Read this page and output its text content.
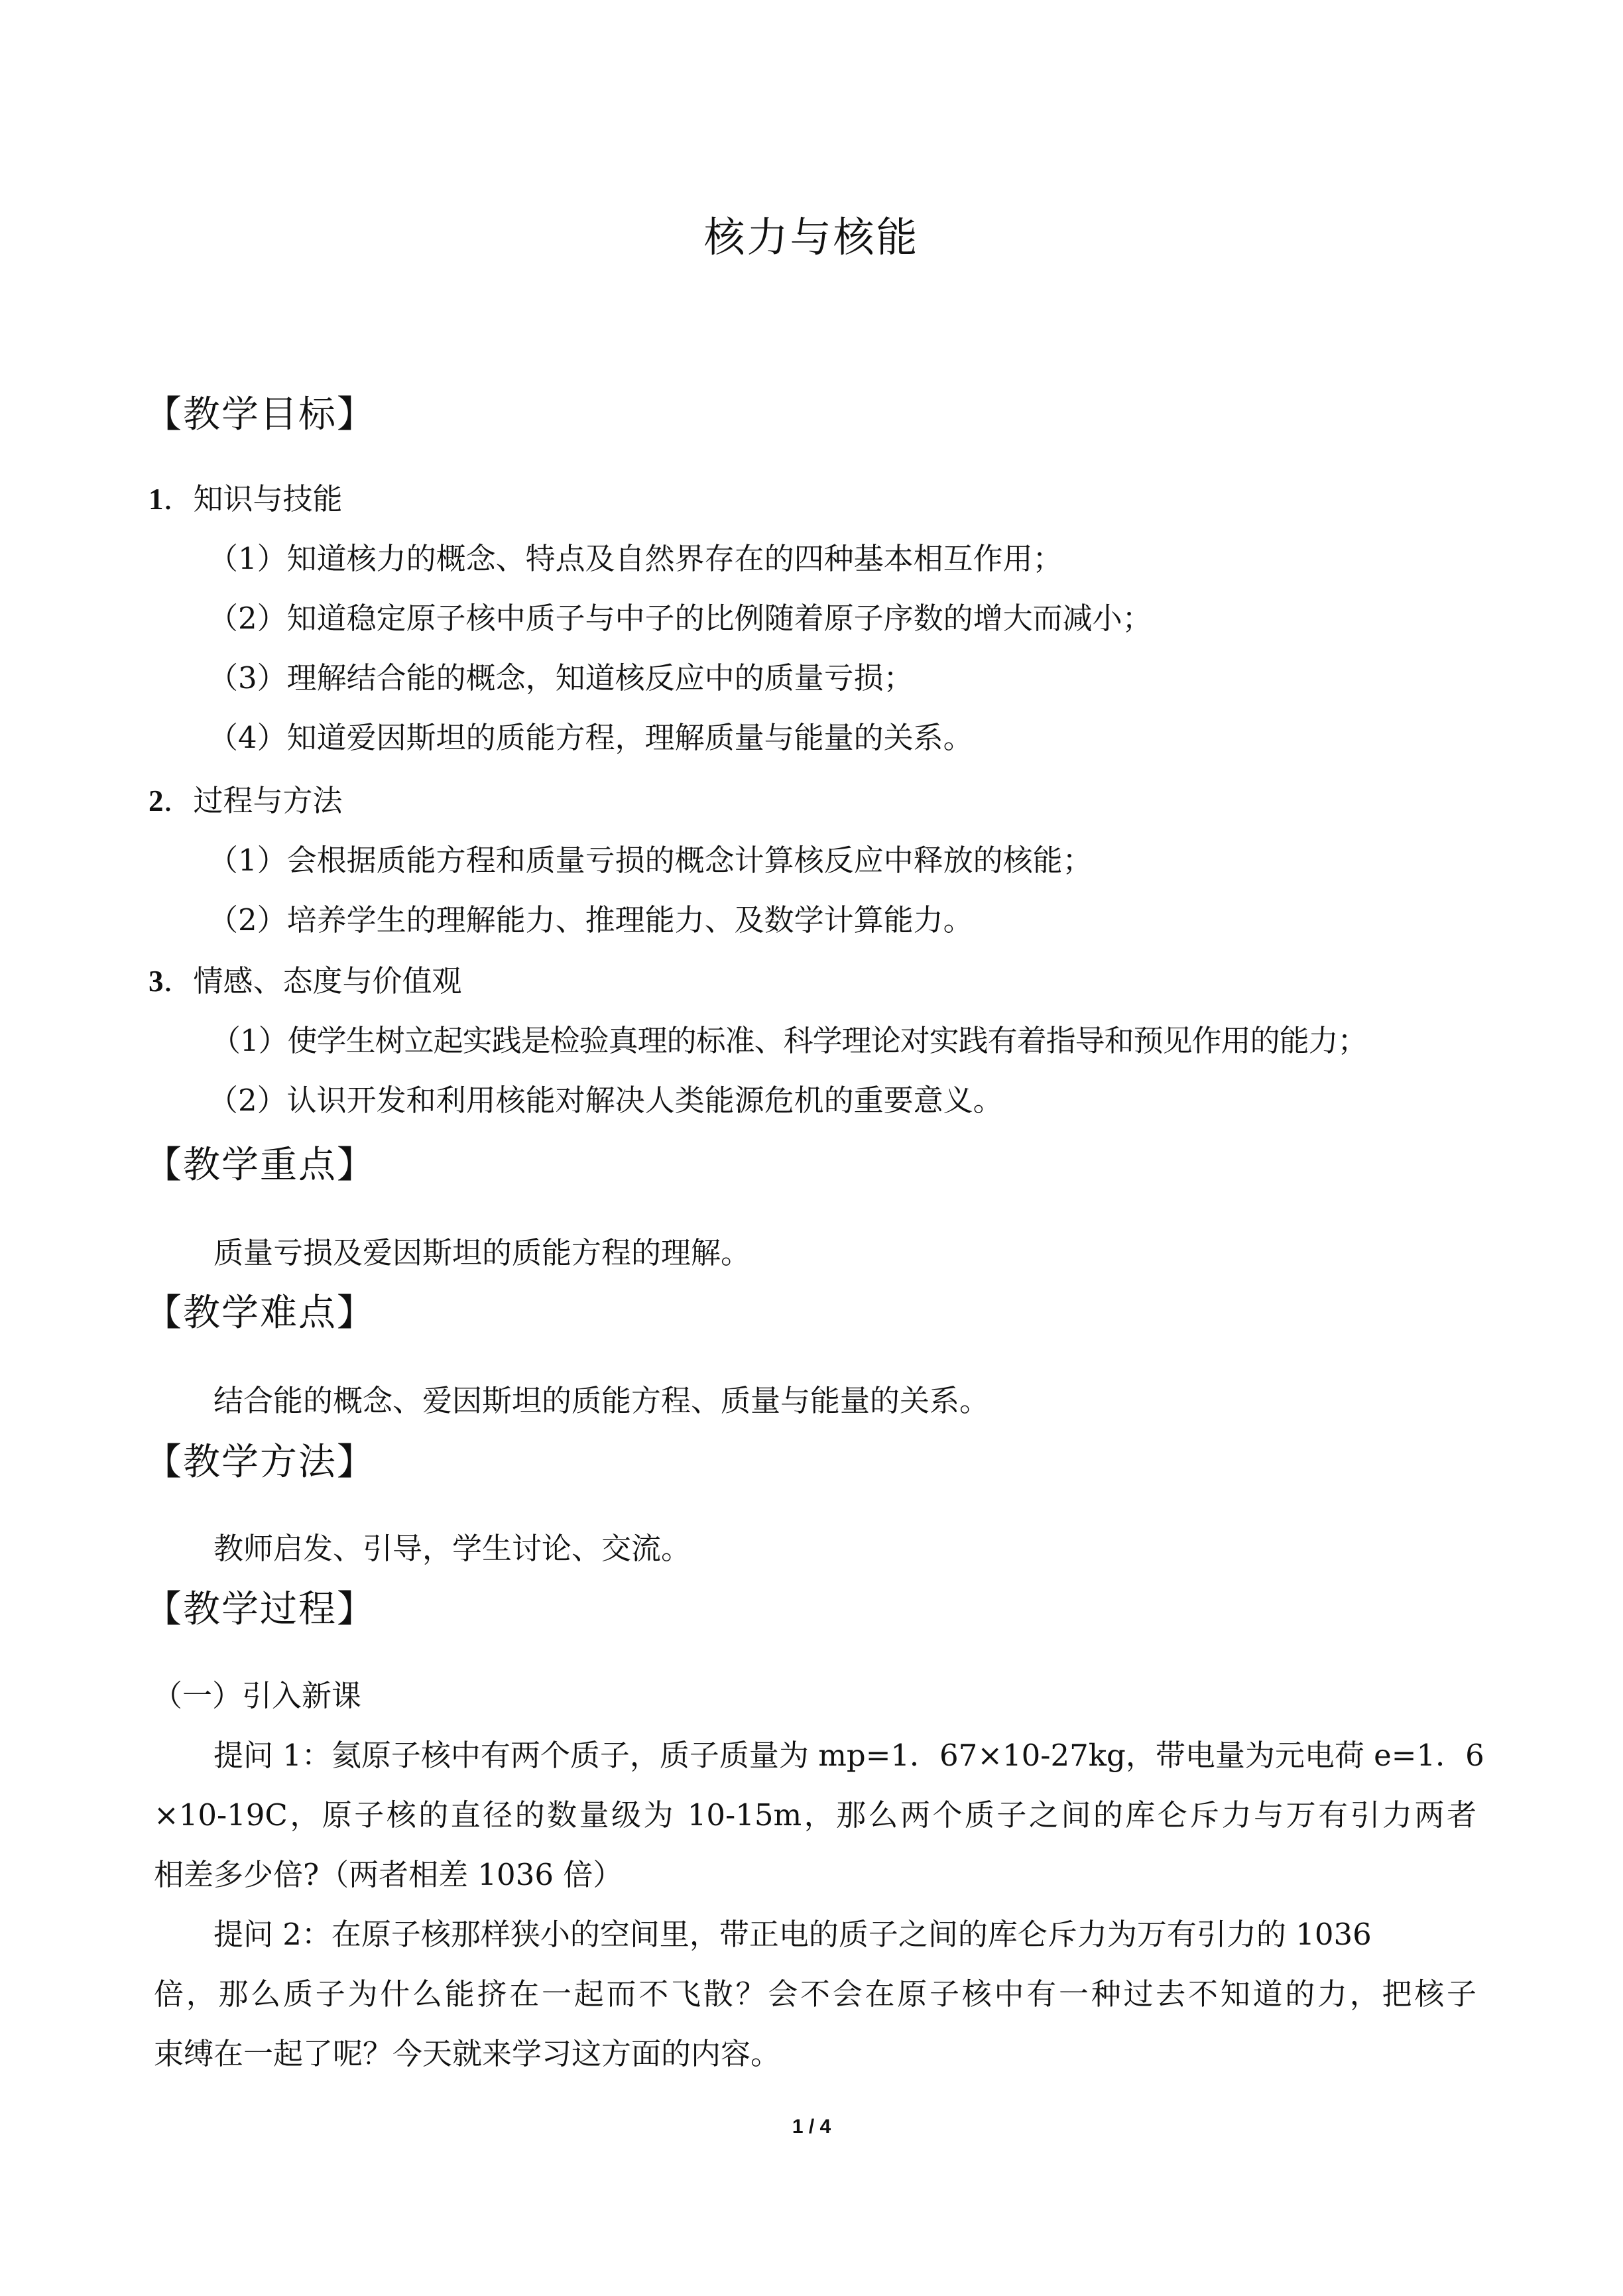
核力与核能
【教学目标】
1．知识与技能
（1）知道核力的概念、特点及自然界存在的四种基本相互作用；
（2）知道稳定原子核中质子与中子的比例随着原子序数的增大而减小；
（3）理解结合能的概念，知道核反应中的质量亏损；
（4）知道爱因斯坦的质能方程，理解质量与能量的关系。
2．过程与方法
（1）会根据质能方程和质量亏损的概念计算核反应中释放的核能；
（2）培养学生的理解能力、推理能力、及数学计算能力。
3．情感、态度与价值观
（1）使学生树立起实践是检验真理的标准、科学理论对实践有着指导和预见作用的能力；
（2）认识开发和利用核能对解决人类能源危机的重要意义。
【教学重点】
质量亏损及爱因斯坦的质能方程的理解。
【教学难点】
结合能的概念、爱因斯坦的质能方程、质量与能量的关系。
【教学方法】
教师启发、引导，学生讨论、交流。
【教学过程】
（一）引入新课
提问 1：氦原子核中有两个质子，质子质量为 mp=1．67×10-27kg，带电量为元电荷 e=1．6
×10-19C，原子核的直径的数量级为 10-15m，那么两个质子之间的库仑斥力与万有引力两者
相差多少倍?（两者相差 1036 倍）
提问 2：在原子核那样狭小的空间里，带正电的质子之间的库仑斥力为万有引力的 1036
倍，那么质子为什么能挤在一起而不飞散？会不会在原子核中有一种过去不知道的力，把核子
束缚在一起了呢？今天就来学习这方面的内容。
1 / 4
